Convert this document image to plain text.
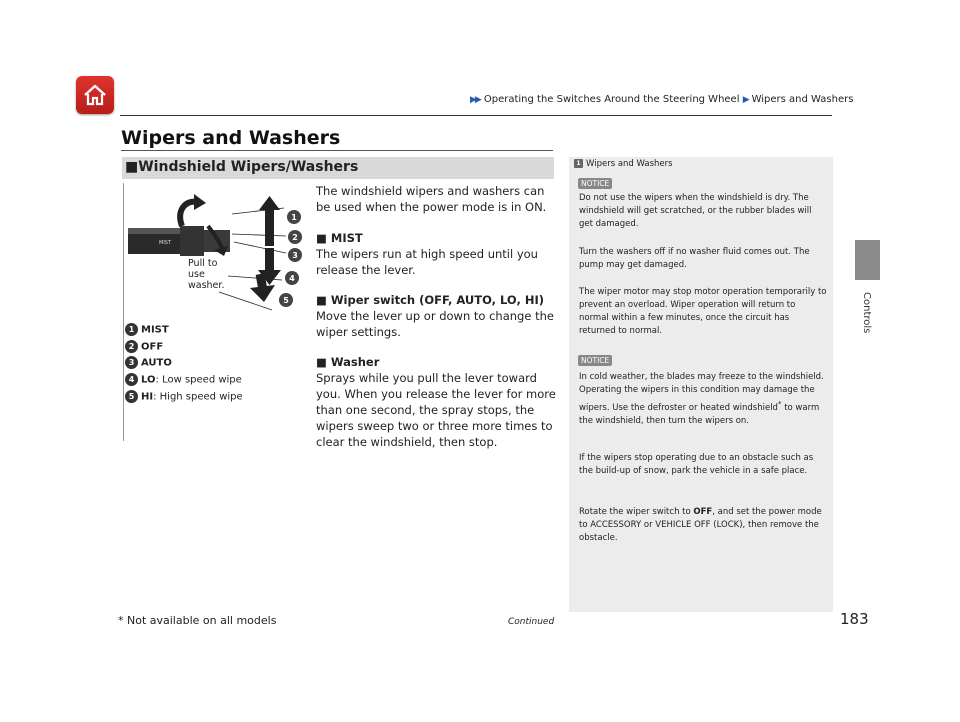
▶▶ Operating the Switches Around the Steering Wheel ▶ Wipers and Washers
Controls
Wipers and Washers
■Windshield Wipers/Washers
MIST
1
2
3
4
5
Pull to
use
washer.
1 MIST
2 OFF
3 AUTO
4 LO: Low speed wipe
5 HI: High speed wipe
The windshield wipers and washers can be used when the power mode is in ON.
■ MIST
The wipers run at high speed until you release the lever.
■ Wiper switch (OFF, AUTO, LO, HI)
Move the lever up or down to change the wiper settings.
■ Washer
Sprays while you pull the lever toward you. When you release the lever for more than one second, the spray stops, the wipers sweep two or three more times to clear the windshield, then stop.
1 Wipers and Washers
NOTICE
Do not use the wipers when the windshield is dry. The windshield will get scratched, or the rubber blades will get damaged.
Turn the washers off if no washer fluid comes out. The pump may get damaged.
The wiper motor may stop motor operation temporarily to prevent an overload. Wiper operation will return to normal within a few minutes, once the circuit has returned to normal.
NOTICE
In cold weather, the blades may freeze to the windshield.
Operating the wipers in this condition may damage the wipers. Use the defroster or heated windshield* to warm the windshield, then turn the wipers on.
If the wipers stop operating due to an obstacle such as the build-up of snow, park the vehicle in a safe place.
Rotate the wiper switch to OFF, and set the power mode to ACCESSORY or VEHICLE OFF (LOCK), then remove the obstacle.
* Not available on all models	Continued	183
